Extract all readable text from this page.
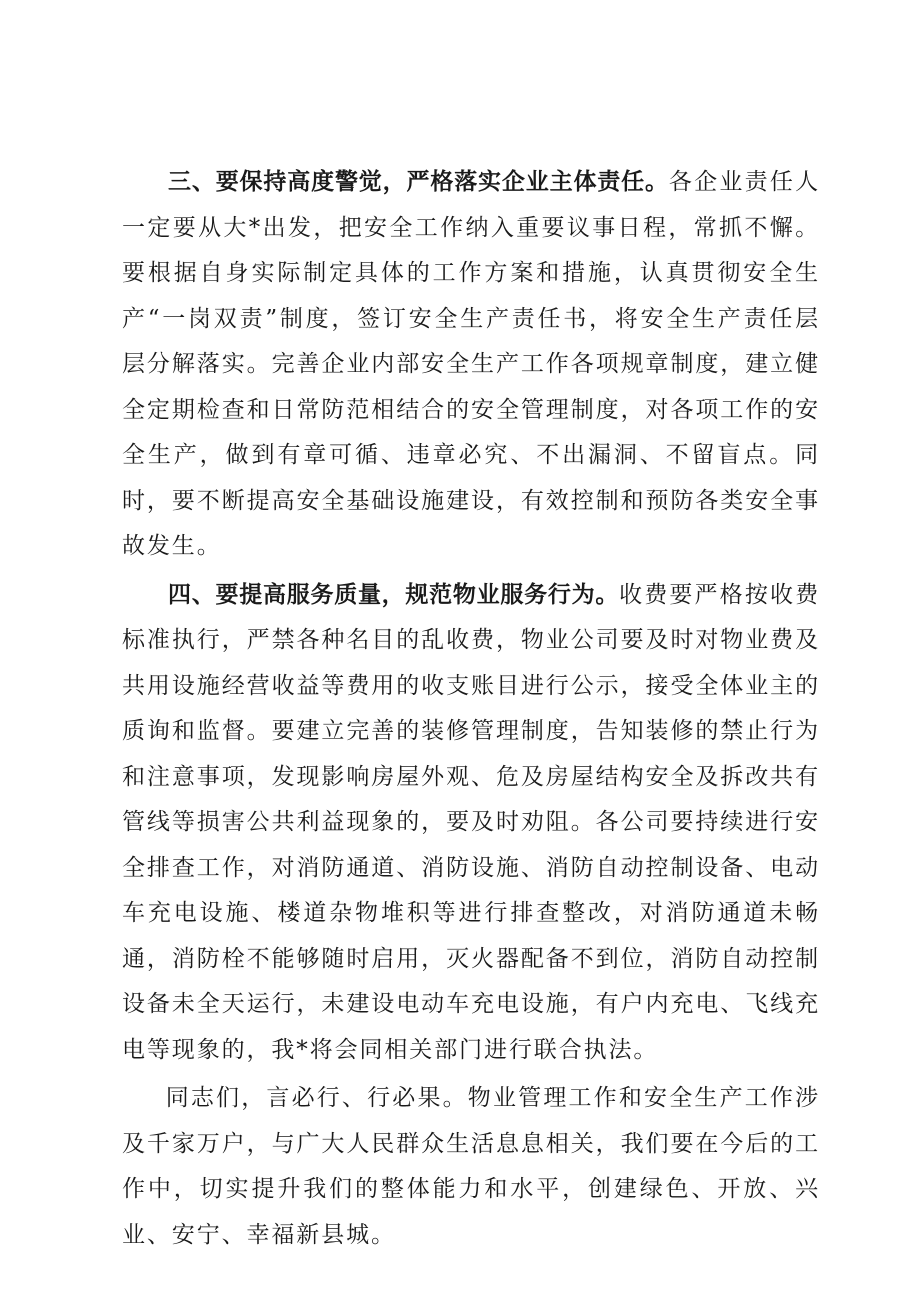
三、要保持高度警觉，严格落实企业主体责任。各企业责任人一定要从大*出发，把安全工作纳入重要议事日程，常抓不懈。要根据自身实际制定具体的工作方案和措施，认真贯彻安全生产“一岗双责”制度，签订安全生产责任书，将安全生产责任层层分解落实。完善企业内部安全生产工作各项规章制度，建立健全定期检查和日常防范相结合的安全管理制度，对各项工作的安全生产，做到有章可循、违章必究、不出漏洞、不留盲点。同时，要不断提高安全基础设施建设，有效控制和预防各类安全事故发生。

四、要提高服务质量，规范物业服务行为。收费要严格按收费标准执行，严禁各种名目的乱收费，物业公司要及时对物业费及共用设施经营收益等费用的收支账目进行公示，接受全体业主的质询和监督。要建立完善的装修管理制度，告知装修的禁止行为和注意事项，发现影响房屋外观、危及房屋结构安全及拆改共有管线等损害公共利益现象的，要及时劝阻。各公司要持续进行安全排查工作，对消防通道、消防设施、消防自动控制设备、电动车充电设施、楼道杂物堆积等进行排查整改，对消防通道未畅通，消防栓不能够随时启用，灭火器配备不到位，消防自动控制设备未全天运行，未建设电动车充电设施，有户内充电、飞线充电等现象的，我*将会同相关部门进行联合执法。

同志们，言必行、行必果。物业管理工作和安全生产工作涉及千家万户，与广大人民群众生活息息相关，我们要在今后的工作中，切实提升我们的整体能力和水平，创建绿色、开放、兴业、安宁、幸福新县城。
